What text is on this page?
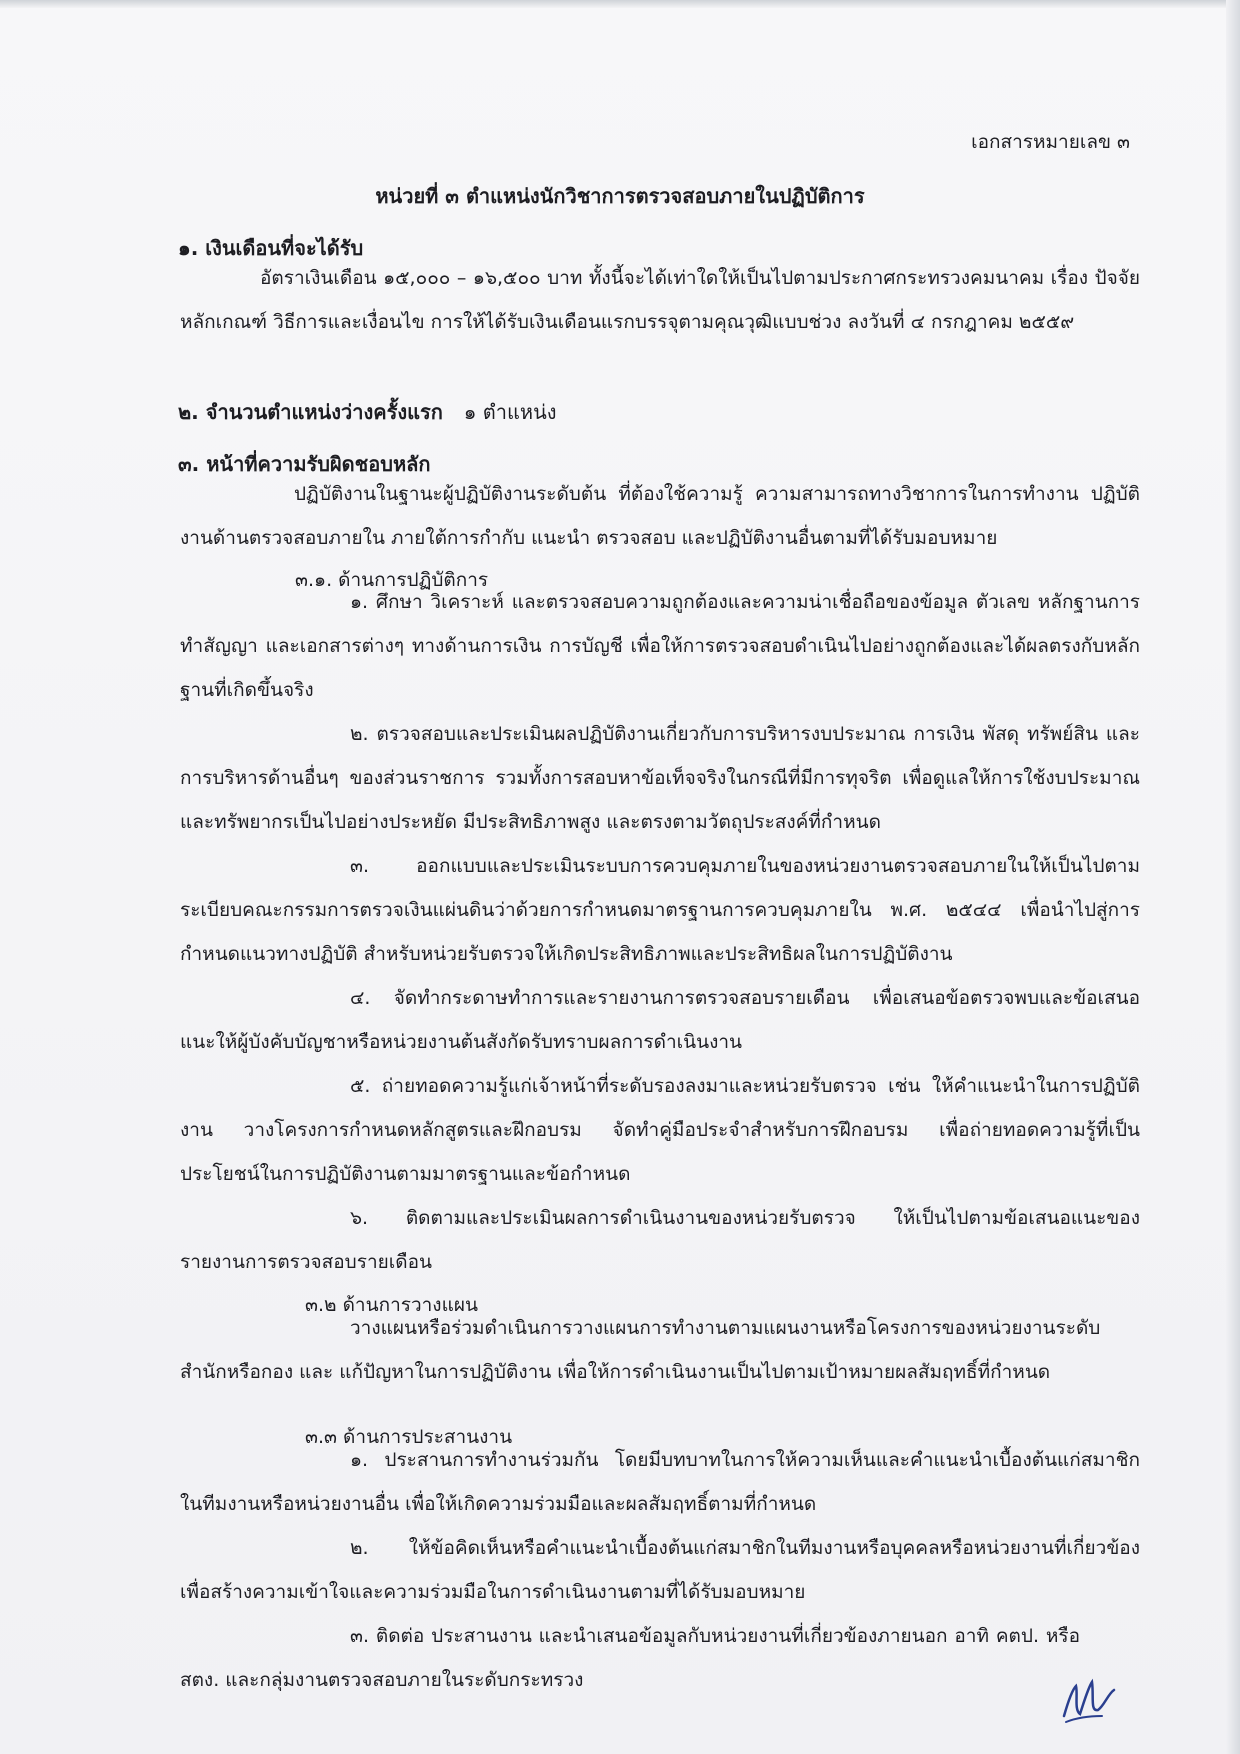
เอกสารหมายเลข ๓
หน่วยที่ ๓ ตำแหน่งนักวิชาการตรวจสอบภายในปฏิบัติการ
๑. เงินเดือนที่จะได้รับ
อัตราเงินเดือน ๑๕,๐๐๐ – ๑๖,๕๐๐ บาท ทั้งนี้จะได้เท่าใดให้เป็นไปตามประกาศกระทรวงคมนาคม เรื่อง ปัจจัย หลักเกณฑ์ วิธีการและเงื่อนไข การให้ได้รับเงินเดือนแรกบรรจุตามคุณวุฒิแบบช่วง ลงวันที่ ๔ กรกฎาคม ๒๕๕๙
๒. จำนวนตำแหน่งว่างครั้งแรก ๑ ตำแหน่ง
๓. หน้าที่ความรับผิดชอบหลัก
ปฏิบัติงานในฐานะผู้ปฏิบัติงานระดับต้น ที่ต้องใช้ความรู้ ความสามารถทางวิชาการในการทำงาน ปฏิบัติงานด้านตรวจสอบภายใน ภายใต้การกำกับ แนะนำ ตรวจสอบ และปฏิบัติงานอื่นตามที่ได้รับมอบหมาย
๓.๑. ด้านการปฏิบัติการ
๑. ศึกษา วิเคราะห์ และตรวจสอบความถูกต้องและความน่าเชื่อถือของข้อมูล ตัวเลข หลักฐานการทำสัญญา และเอกสารต่างๆ ทางด้านการเงิน การบัญชี เพื่อให้การตรวจสอบดำเนินไปอย่างถูกต้องและได้ผลตรงกับหลักฐานที่เกิดขึ้นจริง
๒. ตรวจสอบและประเมินผลปฏิบัติงานเกี่ยวกับการบริหารงบประมาณ การเงิน พัสดุ ทรัพย์สิน และการบริหารด้านอื่นๆ ของส่วนราชการ รวมทั้งการสอบหาข้อเท็จจริงในกรณีที่มีการทุจริต เพื่อดูแลให้การใช้งบประมาณและทรัพยากรเป็นไปอย่างประหยัด มีประสิทธิภาพสูง และตรงตามวัตถุประสงค์ที่กำหนด
๓. ออกแบบและประเมินระบบการควบคุมภายในของหน่วยงานตรวจสอบภายในให้เป็นไปตามระเบียบคณะกรรมการตรวจเงินแผ่นดินว่าด้วยการกำหนดมาตรฐานการควบคุมภายใน พ.ศ. ๒๕๔๔ เพื่อนำไปสู่การกำหนดแนวทางปฏิบัติ สำหรับหน่วยรับตรวจให้เกิดประสิทธิภาพและประสิทธิผลในการปฏิบัติงาน
๔. จัดทำกระดาษทำการและรายงานการตรวจสอบรายเดือน เพื่อเสนอข้อตรวจพบและข้อเสนอแนะให้ผู้บังคับบัญชาหรือหน่วยงานต้นสังกัดรับทราบผลการดำเนินงาน
๕. ถ่ายทอดความรู้แก่เจ้าหน้าที่ระดับรองลงมาและหน่วยรับตรวจ เช่น ให้คำแนะนำในการปฏิบัติงาน วางโครงการกำหนดหลักสูตรและฝึกอบรม จัดทำคู่มือประจำสำหรับการฝึกอบรม เพื่อถ่ายทอดความรู้ที่เป็นประโยชน์ในการปฏิบัติงานตามมาตรฐานและข้อกำหนด
๖. ติดตามและประเมินผลการดำเนินงานของหน่วยรับตรวจ ให้เป็นไปตามข้อเสนอแนะของรายงานการตรวจสอบรายเดือน
๓.๒ ด้านการวางแผน
วางแผนหรือร่วมดำเนินการวางแผนการทำงานตามแผนงานหรือโครงการของหน่วยงานระดับสำนักหรือกอง และ แก้ปัญหาในการปฏิบัติงาน เพื่อให้การดำเนินงานเป็นไปตามเป้าหมายผลสัมฤทธิ์ที่กำหนด
๓.๓ ด้านการประสานงาน
๑. ประสานการทำงานร่วมกัน โดยมีบทบาทในการให้ความเห็นและคำแนะนำเบื้องต้นแก่สมาชิกในทีมงานหรือหน่วยงานอื่น เพื่อให้เกิดความร่วมมือและผลสัมฤทธิ์ตามที่กำหนด
๒. ให้ข้อคิดเห็นหรือคำแนะนำเบื้องต้นแก่สมาชิกในทีมงานหรือบุคคลหรือหน่วยงานที่เกี่ยวข้อง เพื่อสร้างความเข้าใจและความร่วมมือในการดำเนินงานตามที่ได้รับมอบหมาย
๓. ติดต่อ ประสานงาน และนำเสนอข้อมูลกับหน่วยงานที่เกี่ยวข้องภายนอก อาทิ คตป. หรือ สตง. และกลุ่มงานตรวจสอบภายในระดับกระทรวง
